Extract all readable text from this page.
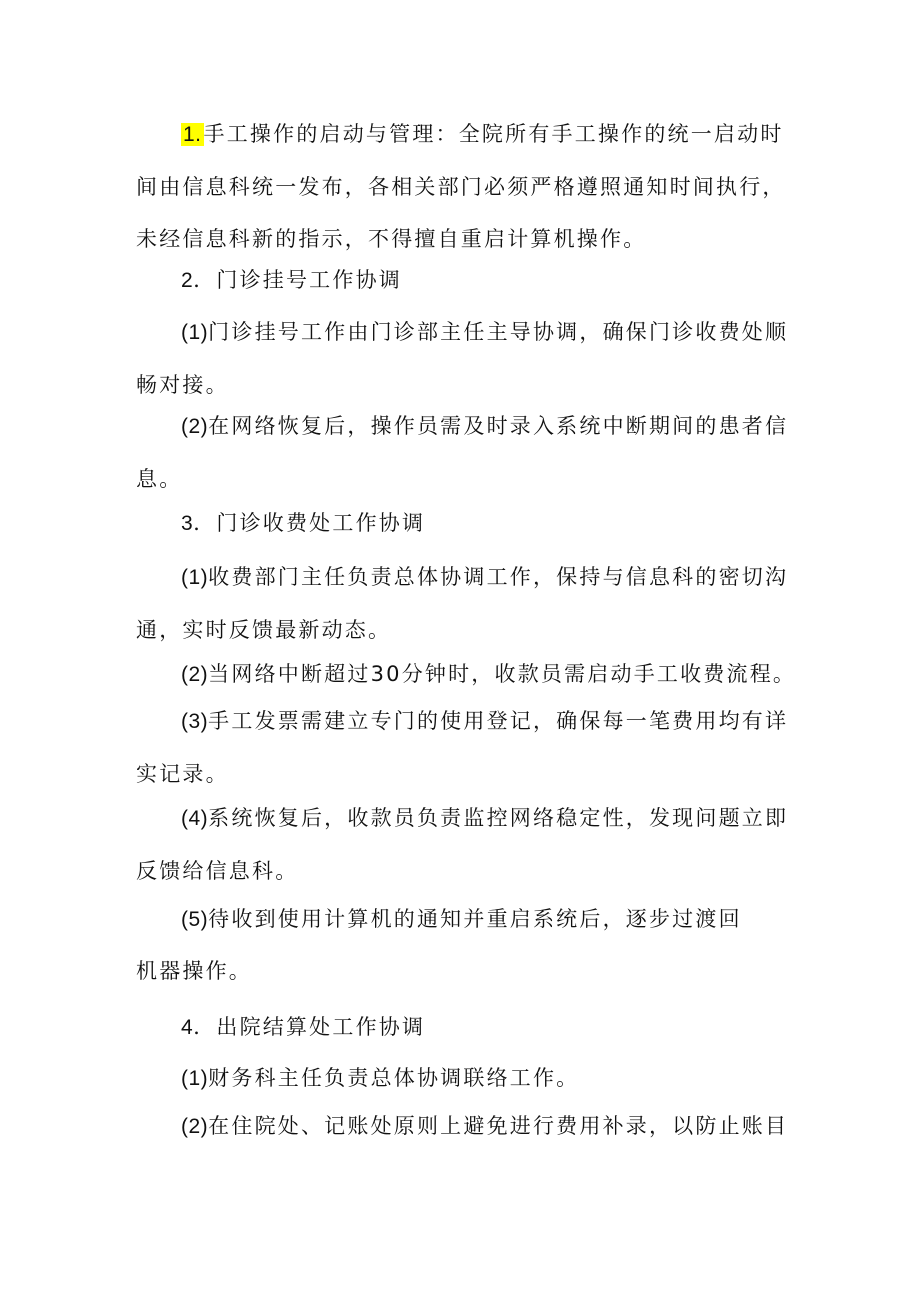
1.手工操作的启动与管理：全院所有手工操作的统一启动时间由信息科统一发布，各相关部门必须严格遵照通知时间执行，未经信息科新的指示，不得擅自重启计算机操作。

2．门诊挂号工作协调

(1)门诊挂号工作由门诊部主任主导协调，确保门诊收费处顺畅对接。

(2)在网络恢复后，操作员需及时录入系统中断期间的患者信息。

3．门诊收费处工作协调

(1)收费部门主任负责总体协调工作，保持与信息科的密切沟通，实时反馈最新动态。

(2)当网络中断超过30分钟时，收款员需启动手工收费流程。

(3)手工发票需建立专门的使用登记，确保每一笔费用均有详实记录。

(4)系统恢复后，收款员负责监控网络稳定性，发现问题立即反馈给信息科。

(5)待收到使用计算机的通知并重启系统后，逐步过渡回

机器操作。

4．出院结算处工作协调

(1)财务科主任负责总体协调联络工作。

(2)在住院处、记账处原则上避免进行费用补录，以防止账目
